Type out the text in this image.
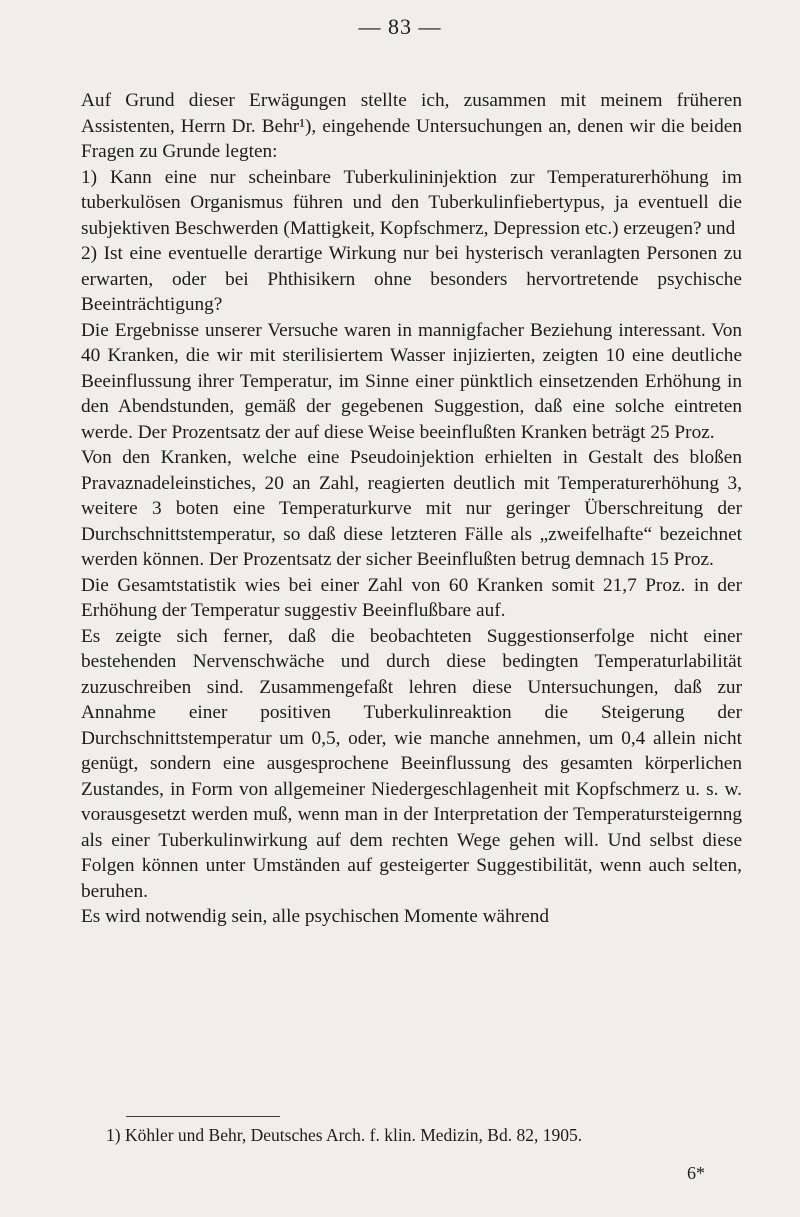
— 83 —

Auf Grund dieser Erwägungen stellte ich, zusammen mit meinem früheren Assistenten, Herrn Dr. Behr¹), eingehende Untersuchungen an, denen wir die beiden Fragen zu Grunde legten:

1) Kann eine nur scheinbare Tuberkulininjektion zur Temperaturerhöhung im tuberkulösen Organismus führen und den Tuberkulinfiebertypus, ja eventuell die subjektiven Beschwerden (Mattigkeit, Kopfschmerz, Depression etc.) erzeugen? und

2) Ist eine eventuelle derartige Wirkung nur bei hysterisch veranlagten Personen zu erwarten, oder bei Phthisikern ohne besonders hervortretende psychische Beeinträchtigung?

Die Ergebnisse unserer Versuche waren in mannigfacher Beziehung interessant. Von 40 Kranken, die wir mit sterilisiertem Wasser injizierten, zeigten 10 eine deutliche Beeinflussung ihrer Temperatur, im Sinne einer pünktlich einsetzenden Erhöhung in den Abendstunden, gemäß der gegebenen Suggestion, daß eine solche eintreten werde. Der Prozentsatz der auf diese Weise beeinflußten Kranken beträgt 25 Proz.

Von den Kranken, welche eine Pseudoinjektion erhielten in Gestalt des bloßen Pravaznadeleinstiches, 20 an Zahl, reagierten deutlich mit Temperaturerhöhung 3, weitere 3 boten eine Temperaturkurve mit nur geringer Überschreitung der Durchschnittstemperatur, so daß diese letzteren Fälle als „zweifelhafte“ bezeichnet werden können. Der Prozentsatz der sicher Beeinflußten betrug demnach 15 Proz.

Die Gesamtstatistik wies bei einer Zahl von 60 Kranken somit 21,7 Proz. in der Erhöhung der Temperatur suggestiv Beeinflußbare auf.

Es zeigte sich ferner, daß die beobachteten Suggestionserfolge nicht einer bestehenden Nervenschwäche und durch diese bedingten Temperaturlabilität zuzuschreiben sind. Zusammengefaßt lehren diese Untersuchungen, daß zur Annahme einer positiven Tuberkulinreaktion die Steigerung der Durchschnittstemperatur um 0,5, oder, wie manche annehmen, um 0,4 allein nicht genügt, sondern eine ausgesprochene Beeinflussung des gesamten körperlichen Zustandes, in Form von allgemeiner Niedergeschlagenheit mit Kopfschmerz u. s. w. vorausgesetzt werden muß, wenn man in der Interpretation der Temperatursteigernng als einer Tuberkulinwirkung auf dem rechten Wege gehen will. Und selbst diese Folgen können unter Umständen auf gesteigerter Suggestibilität, wenn auch selten, beruhen.

Es wird notwendig sein, alle psychischen Momente während

1) Köhler und Behr, Deutsches Arch. f. klin. Medizin, Bd. 82, 1905.
6*
